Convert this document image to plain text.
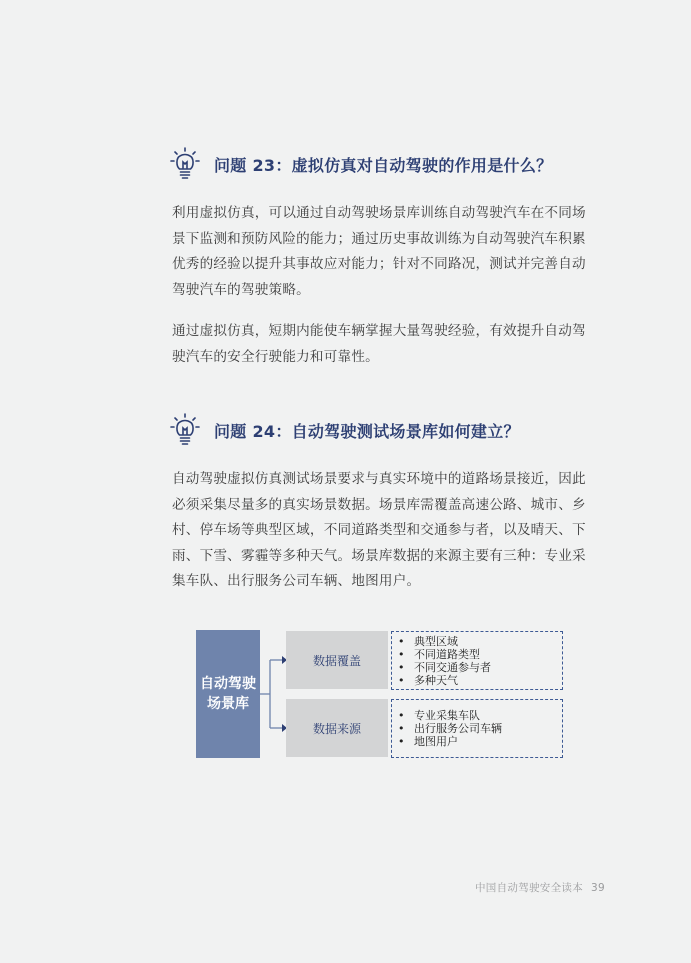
问题 23：虚拟仿真对自动驾驶的作用是什么？

利用虚拟仿真，可以通过自动驾驶场景库训练自动驾驶汽车在不同场景下监测和预防风险的能力；通过历史事故训练为自动驾驶汽车积累优秀的经验以提升其事故应对能力；针对不同路况，测试并完善自动驾驶汽车的驾驶策略。

通过虚拟仿真，短期内能使车辆掌握大量驾驶经验，有效提升自动驾驶汽车的安全行驶能力和可靠性。

问题 24：自动驾驶测试场景库如何建立？

自动驾驶虚拟仿真测试场景要求与真实环境中的道路场景接近，因此必须采集尽量多的真实场景数据。场景库需覆盖高速公路、城市、乡村、停车场等典型区域，不同道路类型和交通参与者，以及晴天、下雨、下雪、雾霾等多种天气。场景库数据的来源主要有三种：专业采集车队、出行服务公司车辆、地图用户。

自动驾驶
场景库
数据覆盖
• 典型区域
• 不同道路类型
• 不同交通参与者
• 多种天气
数据来源
• 专业采集车队
• 出行服务公司车辆
• 地图用户
中国自动驾驶安全读本 39
